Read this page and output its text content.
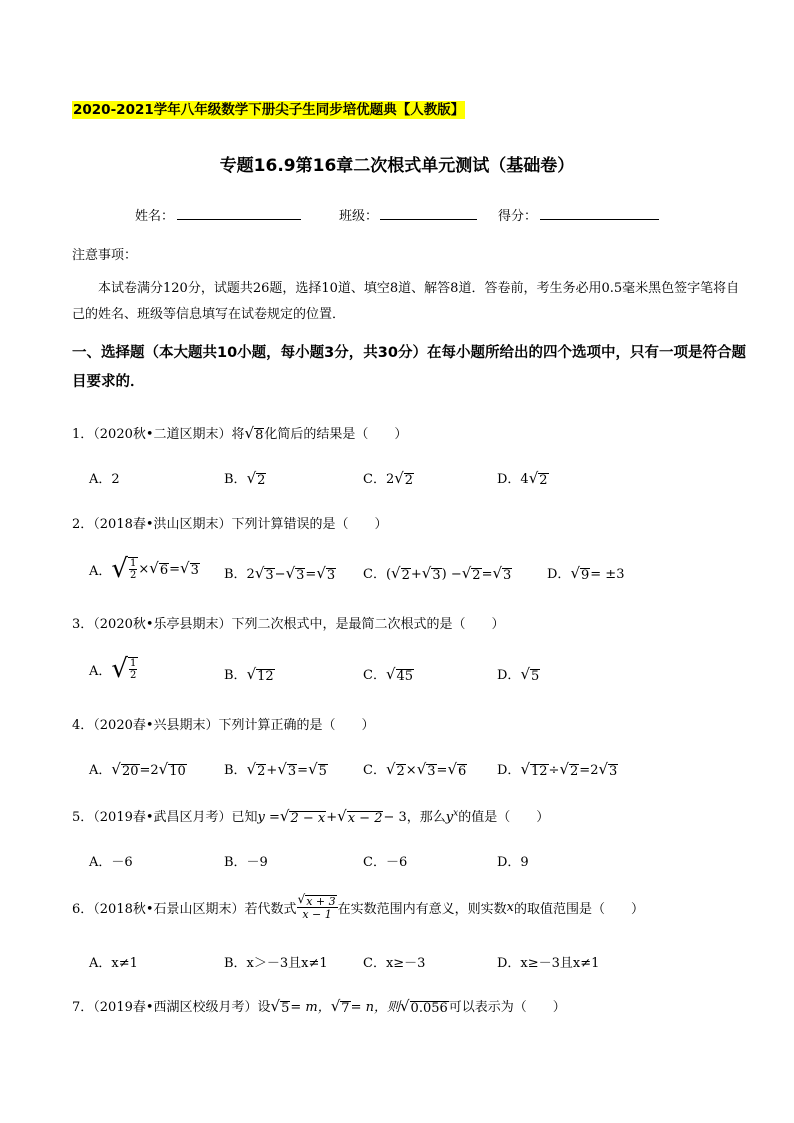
2020-2021学年八年级数学下册尖子生同步培优题典【人教版】
专题16.9第16章二次根式单元测试（基础卷）
姓名：	班级：	得分：
注意事项：
本试卷满分120分，试题共26题，选择10道、填空8道、解答8道．答卷前，考生务必用0.5毫米黑色签字笔将自己的姓名、班级等信息填写在试卷规定的位置．
一、选择题（本大题共10小题，每小题3分，共30分）在每小题所给出的四个选项中，只有一项是符合题目要求的．
1．（2020秋•二道区期末）将 √ 8 化简后的结果是（　　）
A．2	B． √ 2	C．2 √ 2	D．4 √ 2
2．（2018春•洪山区期末）下列计算错误的是（　　）
A． √ $\frac{1}{2}$ × √ 6 = √ 3 B．2 √ 3 − √ 3 = √ 3 C．( √ 2 + √ 3 ) − √ 2 = √ 3	D． √ 9 = ±3
3．（2020秋•乐亭县期末）下列二次根式中，是最简二次根式的是（　　）
A． √ $\frac{1}{2}$	B． √ 12	C． √ 45	D． √ 5
4．（2020春•兴县期末）下列计算正确的是（　　）
A． √ 20 =2 √ 10	B． √ 2 + √ 3 = √ 5	C． √ 2 × √ 3 = √ 6 D． √ 12 ÷ √ 2 =2 √ 3
5．（2019春•武昌区月考）已知y = √ 2 − x + √ x − 2 − 3，那么$y^x$的值是（　　）
A．－6	B．－9	C．－6	D．9
6．（2018秋•石景山区期末）若代数式 $\frac{√ x + 3}{x - 1}$ 在实数范围内有意义，则实数 x 的取值范围是（　　）
A．x≠1	B．x＞－3且x≠1	C．x≥－3	D．x≥－3且x≠1
7．（2019春•西湖区校级月考）设 √ 5 = m， √ 7 = n，则 √ 0.056 可以表示为（　　）
